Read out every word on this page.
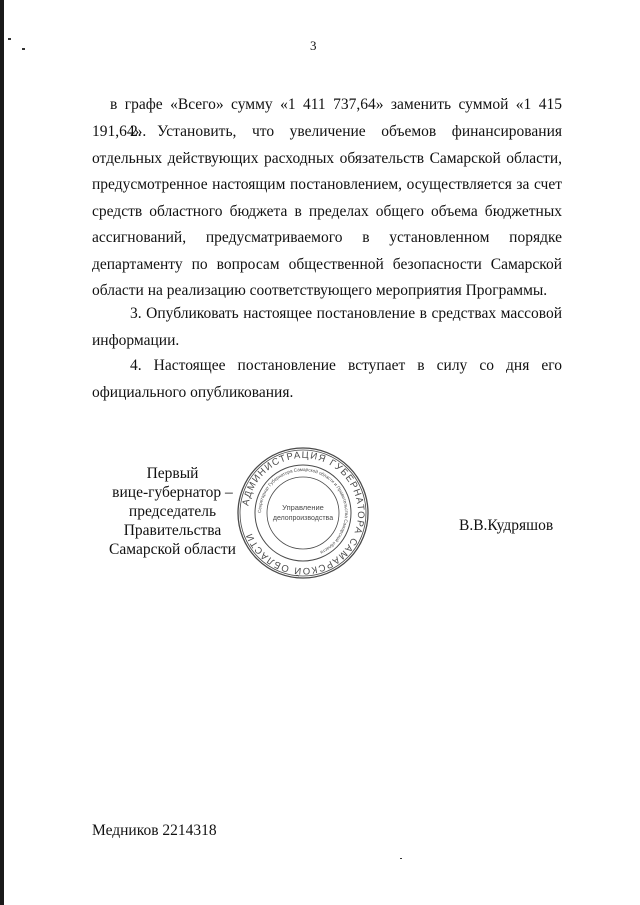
3

в графе «Всего» сумму «1 411 737,64» заменить суммой «1 415 191,64».

2. Установить, что увеличение объемов финансирования отдельных действующих расходных обязательств Самарской области, предусмотренное настоящим постановлением, осуществляется за счет средств областного бюджета в пределах общего объема бюджетных ассигнований, предусматриваемого в установленном порядке департаменту по вопросам общественной безопасности Самарской области на реализацию соответствующего мероприятия Программы.

3. Опубликовать настоящее постановление в средствах массовой информации.

4. Настоящее постановление вступает в силу со дня его официального опубликования.

Первый
вице-губернатор –
председатель Правительства
Самарской области
АДМИНИСТРАЦИЯ ГУБЕРНАТОРА САМАРСКОЙ ОБЛАСТИ
Секретариат Губернатора Самарской области и Правительства Самарской области
Управление
делопроизводства	В.В.Кудряшов
Медников 2214318
